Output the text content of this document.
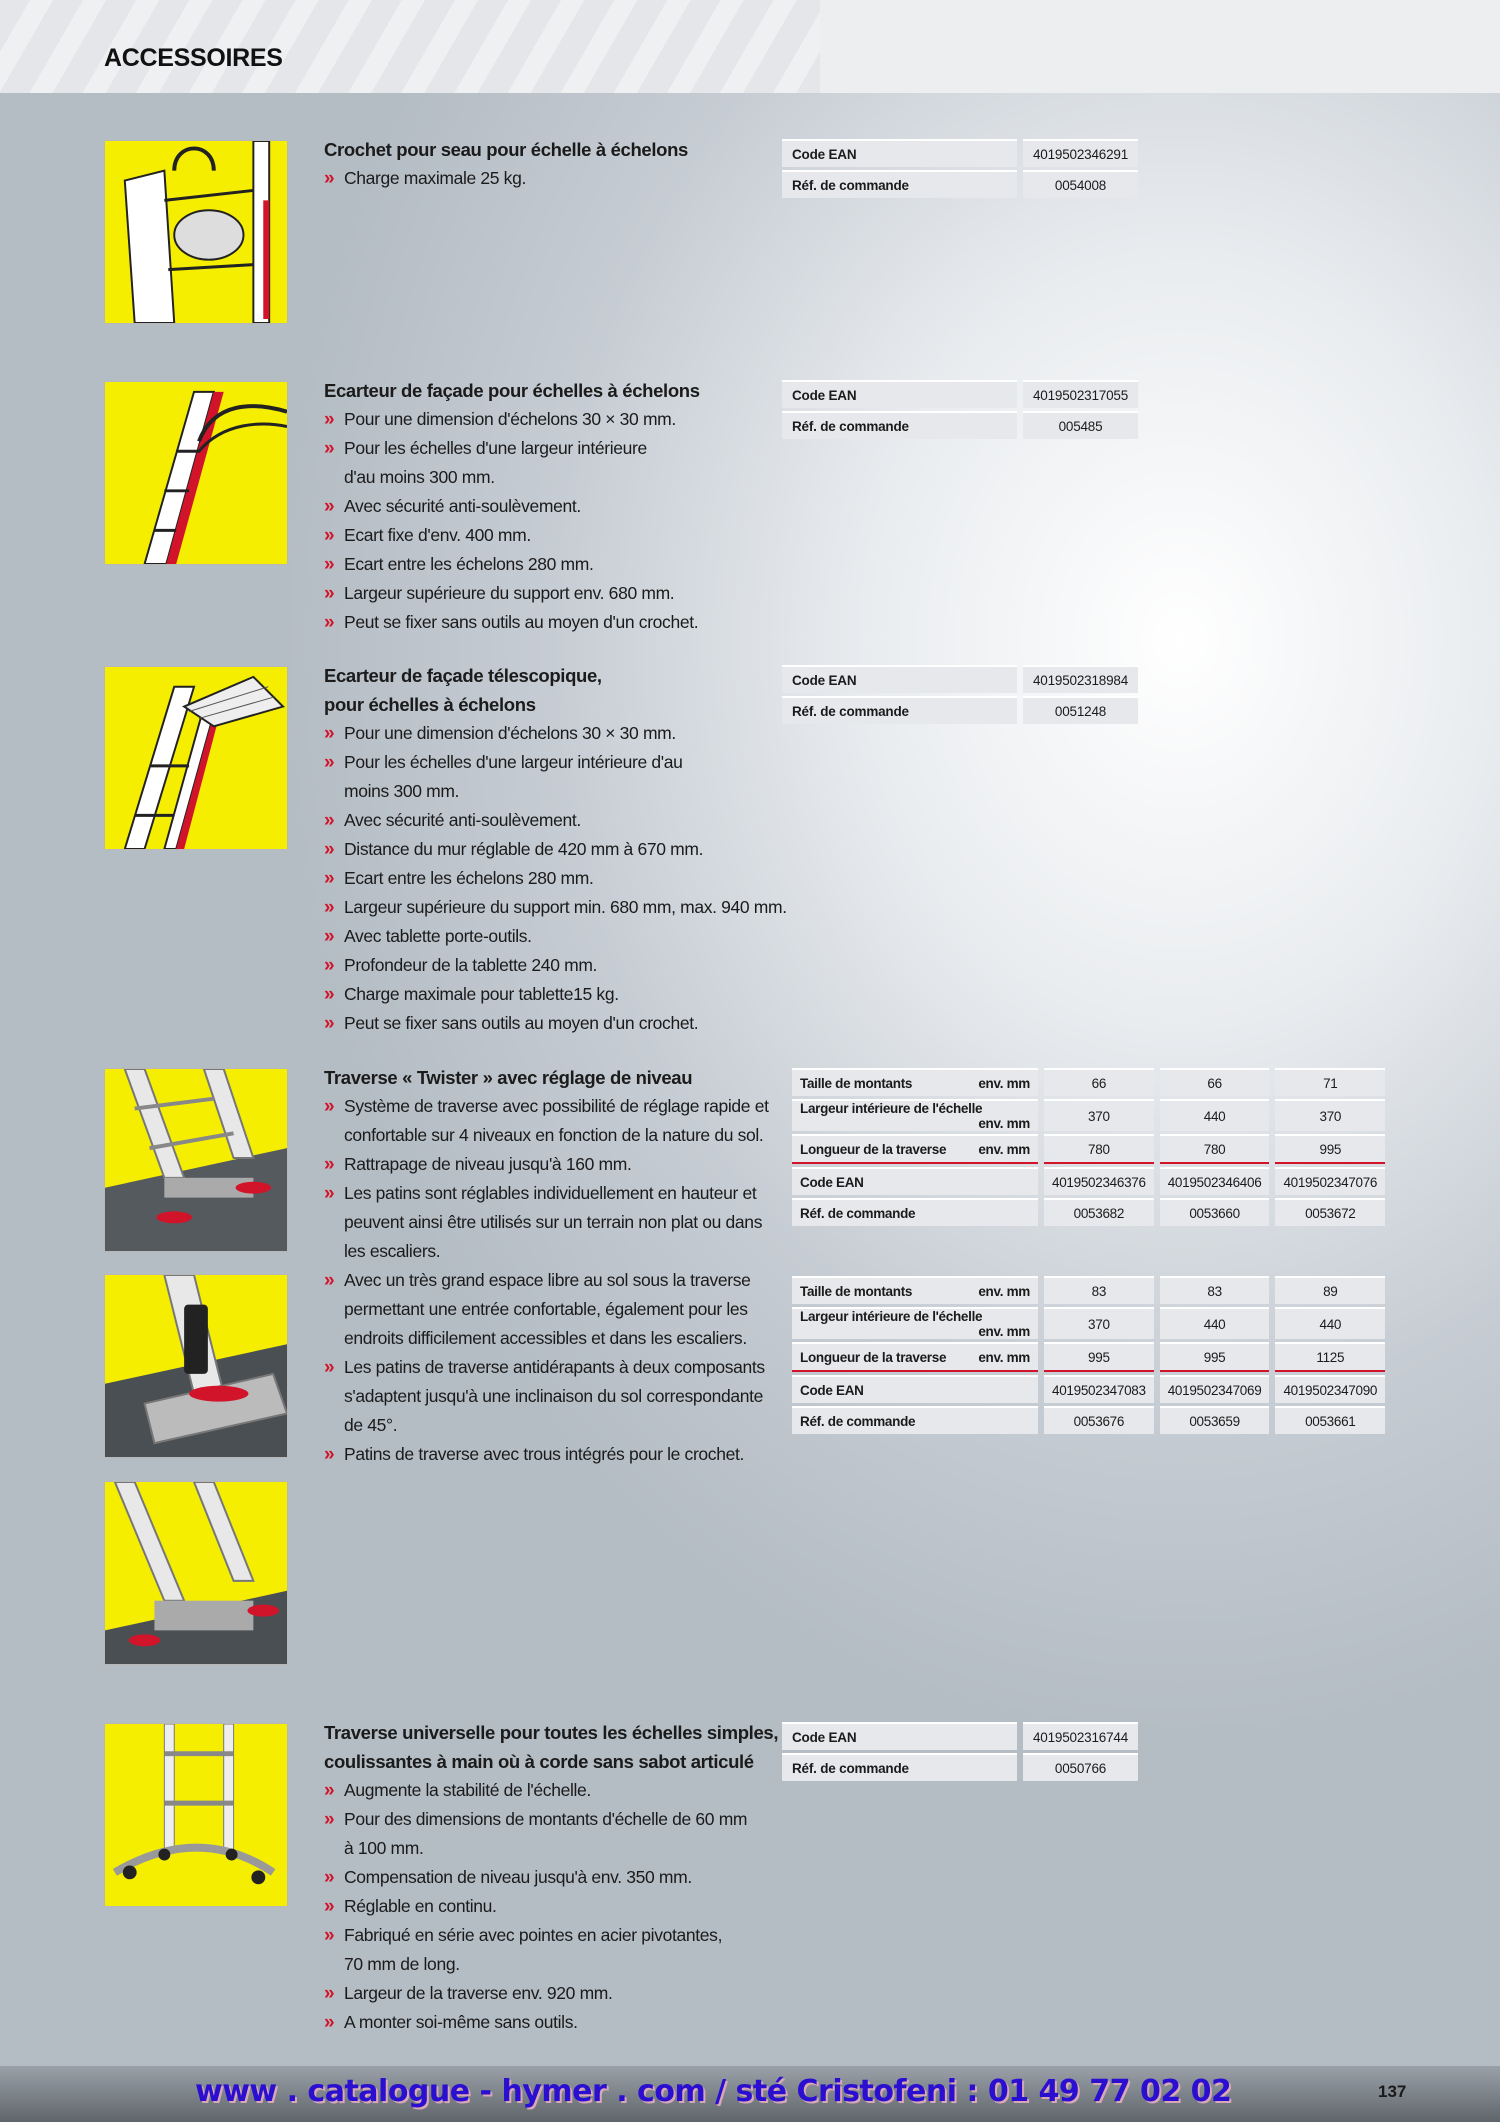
ACCESSOIRES
Crochet pour seau pour échelle à échelons
» Charge maximale 25 kg.
Code EAN	4019502346291
Réf. de commande	0054008
Ecarteur de façade pour échelles à échelons
» Pour une dimension d'échelons 30 × 30 mm.
» Pour les échelles d'une largeur intérieure
d'au moins 300 mm.
» Avec sécurité anti-soulèvement.
» Ecart fixe d'env. 400 mm.
» Ecart entre les échelons 280 mm.
» Largeur supérieure du support env. 680 mm.
» Peut se fixer sans outils au moyen d'un crochet.
Code EAN	4019502317055
Réf. de commande	005485
Ecarteur de façade télescopique,
pour échelles à échelons
» Pour une dimension d'échelons 30 × 30 mm.
» Pour les échelles d'une largeur intérieure d'au
moins 300 mm.
» Avec sécurité anti-soulèvement.
» Distance du mur réglable de 420 mm à 670 mm.
» Ecart entre les échelons 280 mm.
» Largeur supérieure du support min. 680 mm, max. 940 mm.
» Avec tablette porte-outils.
» Profondeur de la tablette 240 mm.
» Charge maximale pour tablette15 kg.
» Peut se fixer sans outils au moyen d'un crochet.
Code EAN	4019502318984
Réf. de commande	0051248
Traverse « Twister » avec réglage de niveau
» Système de traverse avec possibilité de réglage rapide et
confortable sur 4 niveaux en fonction de la nature du sol.
» Rattrapage de niveau jusqu'à 160 mm.
» Les patins sont réglables individuellement en hauteur et
peuvent ainsi être utilisés sur un terrain non plat ou dans
les escaliers.
» Avec un très grand espace libre au sol sous la traverse
permettant une entrée confortable, également pour les
endroits difficilement accessibles et dans les escaliers.
» Les patins de traverse antidérapants à deux composants
s'adaptent jusqu'à une inclinaison du sol correspondante
de 45°.
» Patins de traverse avec trous intégrés pour le crochet.
Taille de montants env. mm	66	66	71
Largeur intérieure de l'échelle
env. mm	370	440	370
Longueur de la traverse env. mm	780	780	995
Code EAN	4019502346376	4019502346406	4019502347076
Réf. de commande	0053682	0053660	0053672
Taille de montants env. mm	83	83	89
Largeur intérieure de l'échelle
env. mm	370	440	440
Longueur de la traverse env. mm	995	995	1125
Code EAN	4019502347083	4019502347069	4019502347090
Réf. de commande	0053676	0053659	0053661
Traverse universelle pour toutes les échelles simples,
coulissantes à main où à corde sans sabot articulé
» Augmente la stabilité de l'échelle.
» Pour des dimensions de montants d'échelle de 60 mm
à 100 mm.
» Compensation de niveau jusqu'à env. 350 mm.
» Réglable en continu.
» Fabriqué en série avec pointes en acier pivotantes,
70 mm de long.
» Largeur de la traverse env. 920 mm.
» A monter soi-même sans outils.
Code EAN	4019502316744
Réf. de commande	0050766
www . catalogue - hymer . com / sté Cristofeni : 01 49 77 02 02	137
